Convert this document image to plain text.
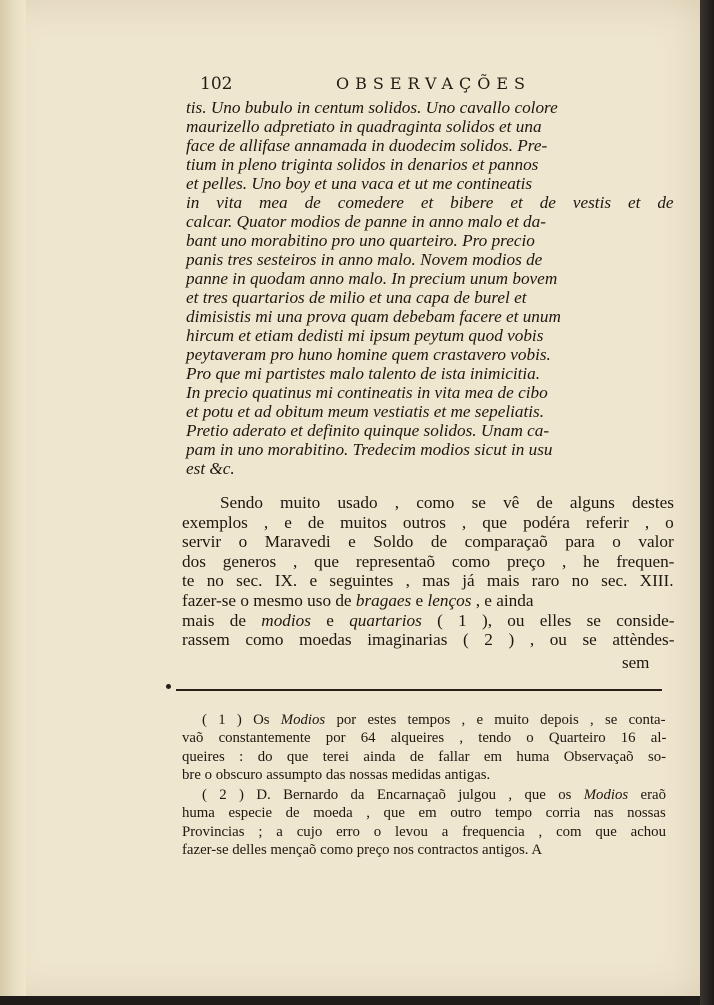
102	OBSERVAÇÕES
tis. Uno bubulo in centum solidos. Uno cavallo colore
maurizello adpretiato in quadraginta solidos et una
face de allifase annamada in duodecim solidos. Pre-
tium in pleno triginta solidos in denarios et pannos
et pelles. Uno boy et una vaca et ut me contineatis
in vita mea de comedere et bibere et de vestis et de
calcar. Quator modios de panne in anno malo et da-
bant uno morabitino pro uno quarteiro. Pro precio
panis tres sesteiros in anno malo. Novem modios de
panne in quodam anno malo. In precium unum bovem
et tres quartarios de milio et una capa de burel et
dimisistis mi una prova quam debebam facere et unum
hircum et etiam dedisti mi ipsum peytum quod vobis
peytaveram pro huno homine quem crastavero vobis.
Pro que mi partistes malo talento de ista inimicitia.
In precio quatinus mi contineatis in vita mea de cibo
et potu et ad obitum meum vestiatis et me sepeliatis.
Pretio aderato et definito quinque solidos. Unam ca-
pam in uno morabitino. Tredecim modios sicut in usu
est &c.
Sendo muito usado , como se vê de alguns destes
exemplos , e de muitos outros , que podéra referir , o
servir o Maravedi e Soldo de comparaçaõ para o valor
dos generos , que representaõ como preço , he frequen-
te no sec. IX. e seguintes , mas já mais raro no sec. XIII.
fazer-se o mesmo uso de bragaes e lenços , e ainda
mais de modios e quartarios ( 1 ), ou elles se conside-
rassem como moedas imaginarias ( 2 ) , ou se attèndes-
sem
( 1 ) Os Modios por estes tempos , e muito depois , se conta-
vaõ constantemente por 64 alqueires , tendo o Quarteiro 16 al-
queires : do que terei ainda de fallar em huma Observaçaõ so-
bre o obscuro assumpto das nossas medidas antigas.
( 2 ) D. Bernardo da Encarnaçaõ julgou , que os Modios eraõ
huma especie de moeda , que em outro tempo corria nas nossas
Provincias ; a cujo erro o levou a frequencia , com que achou
fazer-se delles mençaõ como preço nos contractos antigos. A
